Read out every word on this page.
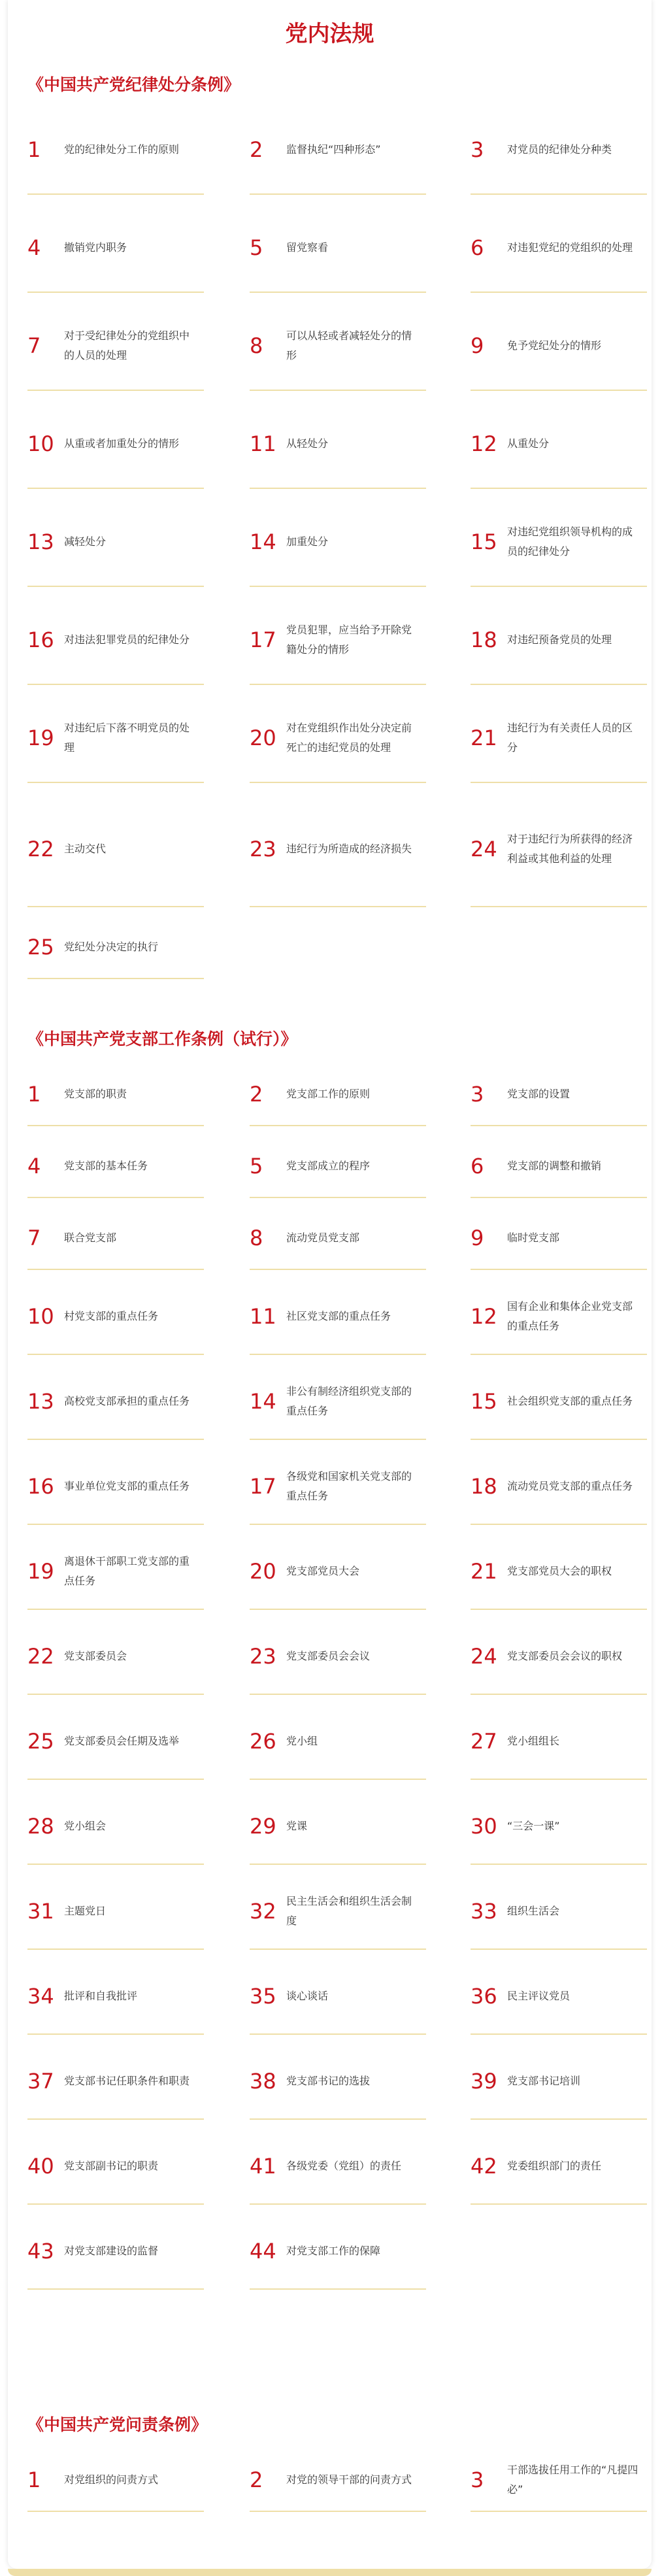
党内法规
《中国共产党纪律处分条例》
1	党的纪律处分工作的原则	2	监督执纪“四种形态”	3	对党员的纪律处分种类
4	撤销党内职务	5	留党察看	6	对违犯党纪的党组织的处理
7	对于受纪律处分的党组织中的人员的处理	8	可以从轻或者减轻处分的情形	9	免予党纪处分的情形
10 从重或者加重处分的情形	11 从轻处分	12 从重处分
13 减轻处分	14 加重处分	15 对违纪党组织领导机构的成员的纪律处分
16 对违法犯罪党员的纪律处分	17 党员犯罪，应当给予开除党籍处分的情形	18 对违纪预备党员的处理
19 对违纪后下落不明党员的处理	20 对在党组织作出处分决定前死亡的违纪党员的处理	21 违纪行为有关责任人员的区分
22 主动交代	23 违纪行为所造成的经济损失	24 对于违纪行为所获得的经济利益或其他利益的处理
25 党纪处分决定的执行
《中国共产党支部工作条例（试行）》
1	党支部的职责	2	党支部工作的原则	3	党支部的设置
4	党支部的基本任务	5	党支部成立的程序	6	党支部的调整和撤销
7	联合党支部	8	流动党员党支部	9	临时党支部
10 村党支部的重点任务	11 社区党支部的重点任务	12 国有企业和集体企业党支部的重点任务
13 高校党支部承担的重点任务	14 非公有制经济组织党支部的重点任务	15 社会组织党支部的重点任务
16 事业单位党支部的重点任务	17 各级党和国家机关党支部的重点任务	18 流动党员党支部的重点任务
19 离退休干部职工党支部的重点任务	20 党支部党员大会	21 党支部党员大会的职权
22 党支部委员会	23 党支部委员会会议	24 党支部委员会会议的职权
25 党支部委员会任期及选举	26 党小组	27 党小组组长
28 党小组会	29 党课	30 “三会一课”
31 主题党日	32 民主生活会和组织生活会制度	33 组织生活会
34 批评和自我批评	35 谈心谈话	36 民主评议党员
37 党支部书记任职条件和职责	38 党支部书记的选拔	39 党支部书记培训
40 党支部副书记的职责	41 各级党委（党组）的责任	42 党委组织部门的责任
43 对党支部建设的监督	44 对党支部工作的保障
《中国共产党问责条例》
1	对党组织的问责方式	2	对党的领导干部的问责方式	3	干部选拔任用工作的“凡提四必”
